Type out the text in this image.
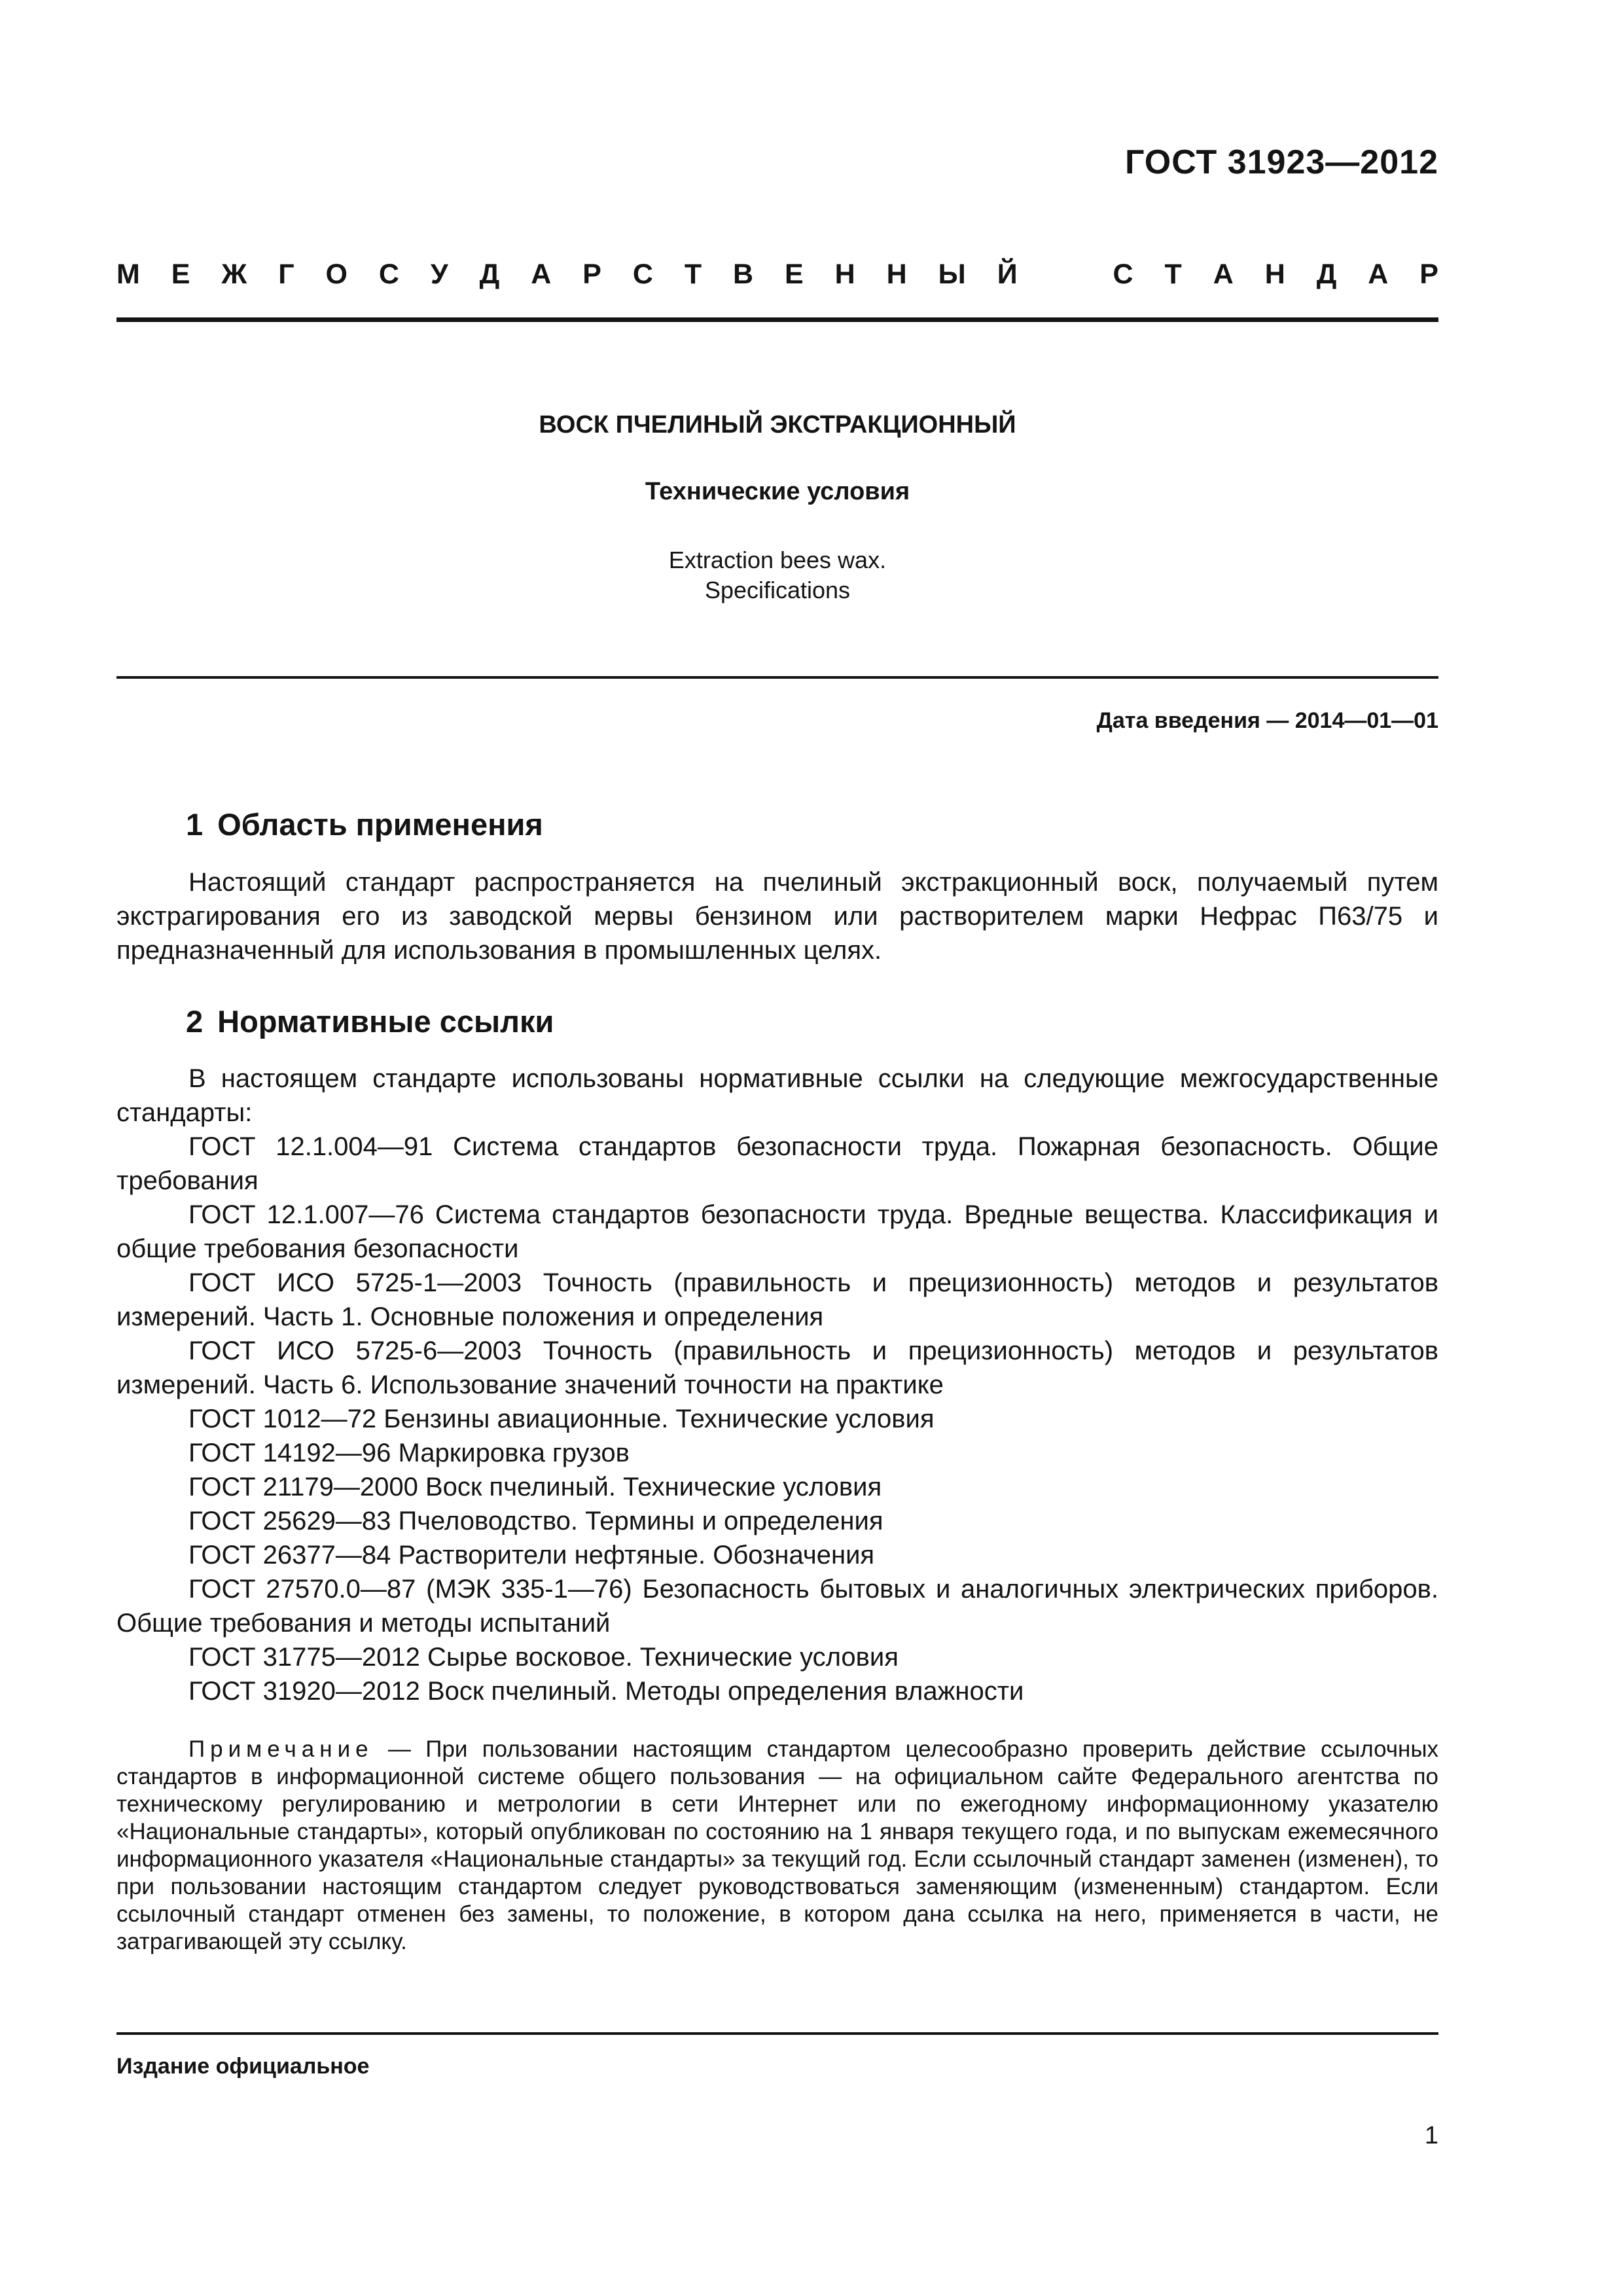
ГОСТ 31923—2012
М Е Ж Г О С У Д А Р С Т В Е Н Н Ы Й	С Т А Н Д А Р
ВОСК ПЧЕЛИНЫЙ ЭКСТРАКЦИОННЫЙ
Технические условия
Extraction bees wax.
Specifications
Дата введения — 2014—01—01
1 Область применения

Настоящий стандарт распространяется на пчелиный экстракционный воск, получаемый путем экстрагирования его из заводской мервы бензином или растворителем марки Нефрас П63/75 и предназначенный для использования в промышленных целях.

2 Нормативные ссылки

В настоящем стандарте использованы нормативные ссылки на следующие межгосударственные стандарты:

ГОСТ 12.1.004—91 Система стандартов безопасности труда. Пожарная безопасность. Общие требования

ГОСТ 12.1.007—76 Система стандартов безопасности труда. Вредные вещества. Классификация и общие требования безопасности

ГОСТ ИСО 5725-1—2003 Точность (правильность и прецизионность) методов и результатов измерений. Часть 1. Основные положения и определения

ГОСТ ИСО 5725-6—2003 Точность (правильность и прецизионность) методов и результатов измерений. Часть 6. Использование значений точности на практике

ГОСТ 1012—72 Бензины авиационные. Технические условия

ГОСТ 14192—96 Маркировка грузов

ГОСТ 21179—2000 Воск пчелиный. Технические условия

ГОСТ 25629—83 Пчеловодство. Термины и определения

ГОСТ 26377—84 Растворители нефтяные. Обозначения

ГОСТ 27570.0—87 (МЭК 335-1—76) Безопасность бытовых и аналогичных электрических приборов. Общие требования и методы испытаний

ГОСТ 31775—2012 Сырье восковое. Технические условия

ГОСТ 31920—2012 Воск пчелиный. Методы определения влажности

Примечание — При пользовании настоящим стандартом целесообразно проверить действие ссылочных стандартов в информационной системе общего пользования — на официальном сайте Федерального агентства по техническому регулированию и метрологии в сети Интернет или по ежегодному информационному указателю «Национальные стандарты», который опубликован по состоянию на 1 января текущего года, и по выпускам ежемесячного информационного указателя «Национальные стандарты» за текущий год. Если ссылочный стандарт заменен (изменен), то при пользовании настоящим стандартом следует руководствоваться заменяющим (измененным) стандартом. Если ссылочный стандарт отменен без замены, то положение, в котором дана ссылка на него, применяется в части, не затрагивающей эту ссылку.

Издание официальное
1
